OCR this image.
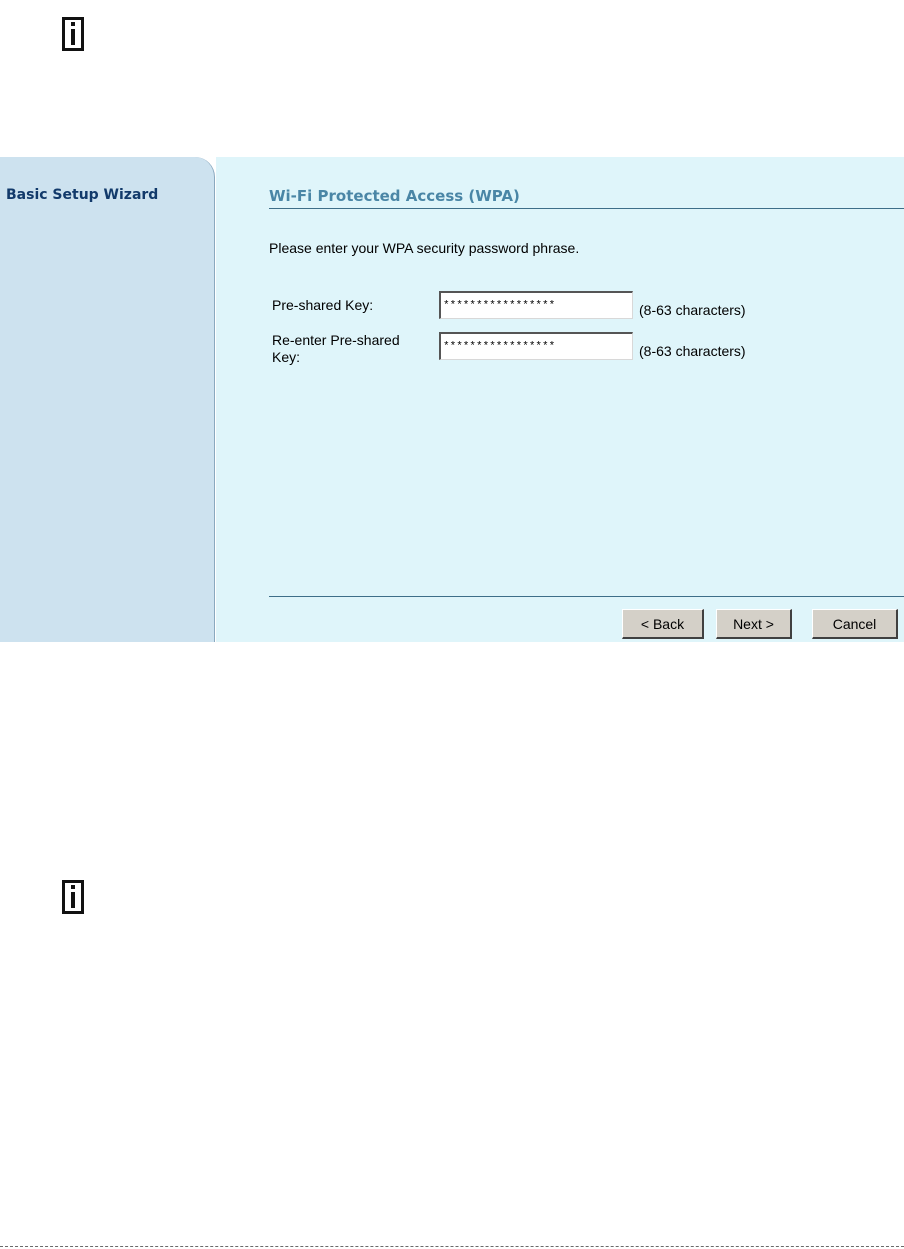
Basic Setup Wizard	Wi-Fi Protected Access (WPA)
Please enter your WPA security password phrase.
Pre-shared Key:
*****************	(8-63 characters)
Re-enter Pre-shared Key:
*****************	(8-63 characters)
< Back	Next >	Cancel
